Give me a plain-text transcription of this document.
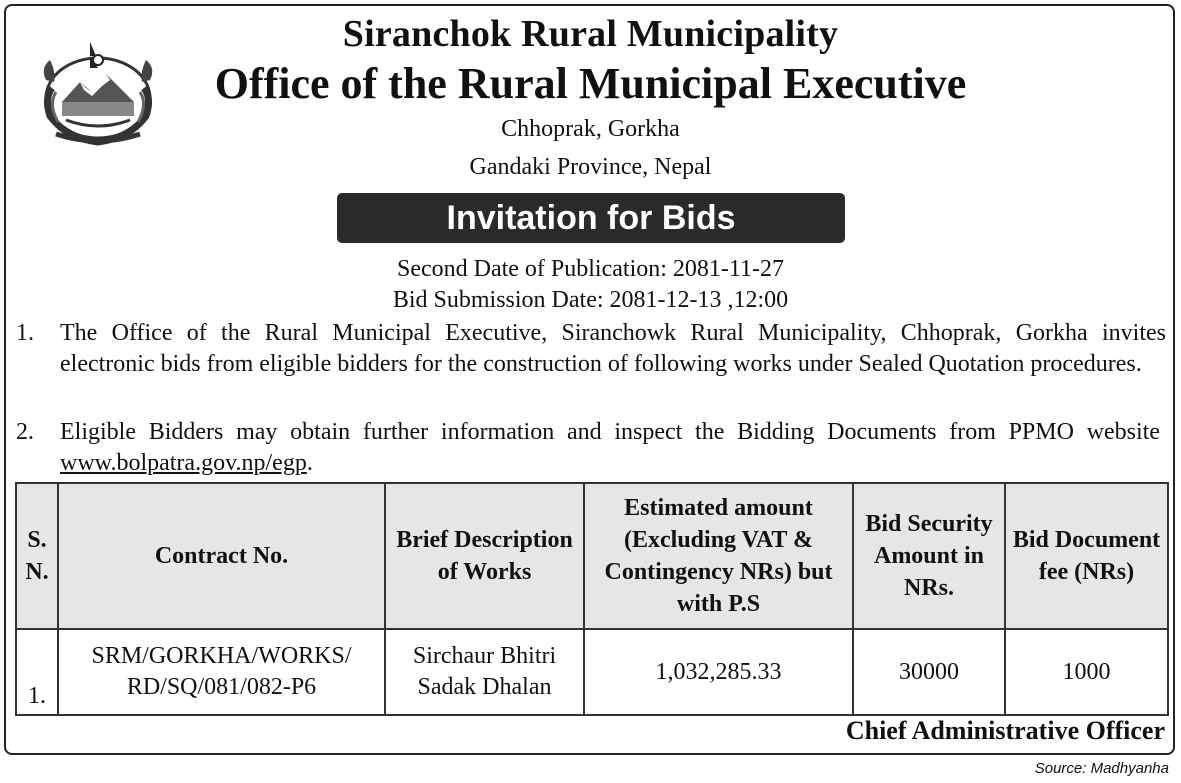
Siranchok Rural Municipality
Office of the Rural Municipal Executive
Chhoprak, Gorkha
Gandaki Province, Nepal
Invitation for Bids
Second Date of Publication: 2081-11-27
Bid Submission Date: 2081-12-13 ,12:00
1. The Office of the Rural Municipal Executive, Siranchowk Rural Municipality, Chhoprak, Gorkha invites electronic bids from eligible bidders for the construction of following works under Sealed Quotation procedures.
2. Eligible Bidders may obtain further information and inspect the Bidding Documents from PPMO website  www.bolpatra.gov.np/egp.
S. N.	Contract No.	Brief Description of Works	Estimated amount (Excluding VAT & Contingency NRs) but with P.S	Bid Security Amount in NRs.	Bid Document fee (NRs)
1.	SRM/GORKHA/WORKS/ RD/SQ/081/082-P6	Sirchaur Bhitri Sadak Dhalan	1,032,285.33	30000	1000
Chief Administrative Officer
Source: Madhyanha
